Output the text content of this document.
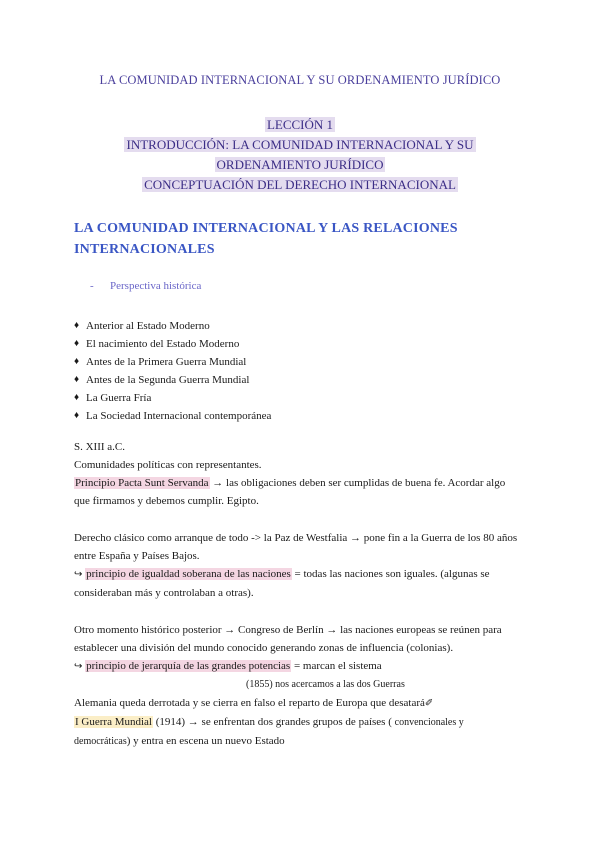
LA COMUNIDAD INTERNACIONAL Y SU ORDENAMIENTO JURÍDICO
LECCIÓN 1
INTRODUCCIÓN: LA COMUNIDAD INTERNACIONAL Y SU
ORDENAMIENTO JURÍDICO
CONCEPTUACIÓN DEL DERECHO INTERNACIONAL
LA COMUNIDAD INTERNACIONAL Y LAS RELACIONES
INTERNACIONALES
- Perspectiva histórica
♦ Anterior al Estado Moderno
♦ El nacimiento del Estado Moderno
♦ Antes de la Primera Guerra Mundial
♦ Antes de la Segunda Guerra Mundial
♦ La Guerra Fría
♦ La Sociedad Internacional contemporánea
S. XIII a.C.
Comunidades políticas con representantes.
Principio Pacta Sunt Servanda → las obligaciones deben ser cumplidas de buena fe. Acordar algo
que firmamos y debemos cumplir. Egipto.
Derecho clásico como arranque de todo -> la Paz de Westfalia → pone fin a la Guerra de los 80 años
entre España y Países Bajos.
↪ principio de igualdad soberana de las naciones = todas las naciones son iguales. (algunas se
consideraban más y controlaban a otras).
Otro momento histórico posterior → Congreso de Berlín → las naciones europeas se reúnen para
establecer una división del mundo conocido generando zonas de influencia (colonias).
↪ principio de jerarquía de las grandes potencias = marcan el sistema
(1855) nos acercamos a las dos Guerras
Alemania queda derrotada y se cierra en falso el reparto de Europa que desatará✐
I Guerra Mundial (1914) → se enfrentan dos grandes grupos de países ( convencionales y
democráticas) y entra en escena un nuevo Estado
